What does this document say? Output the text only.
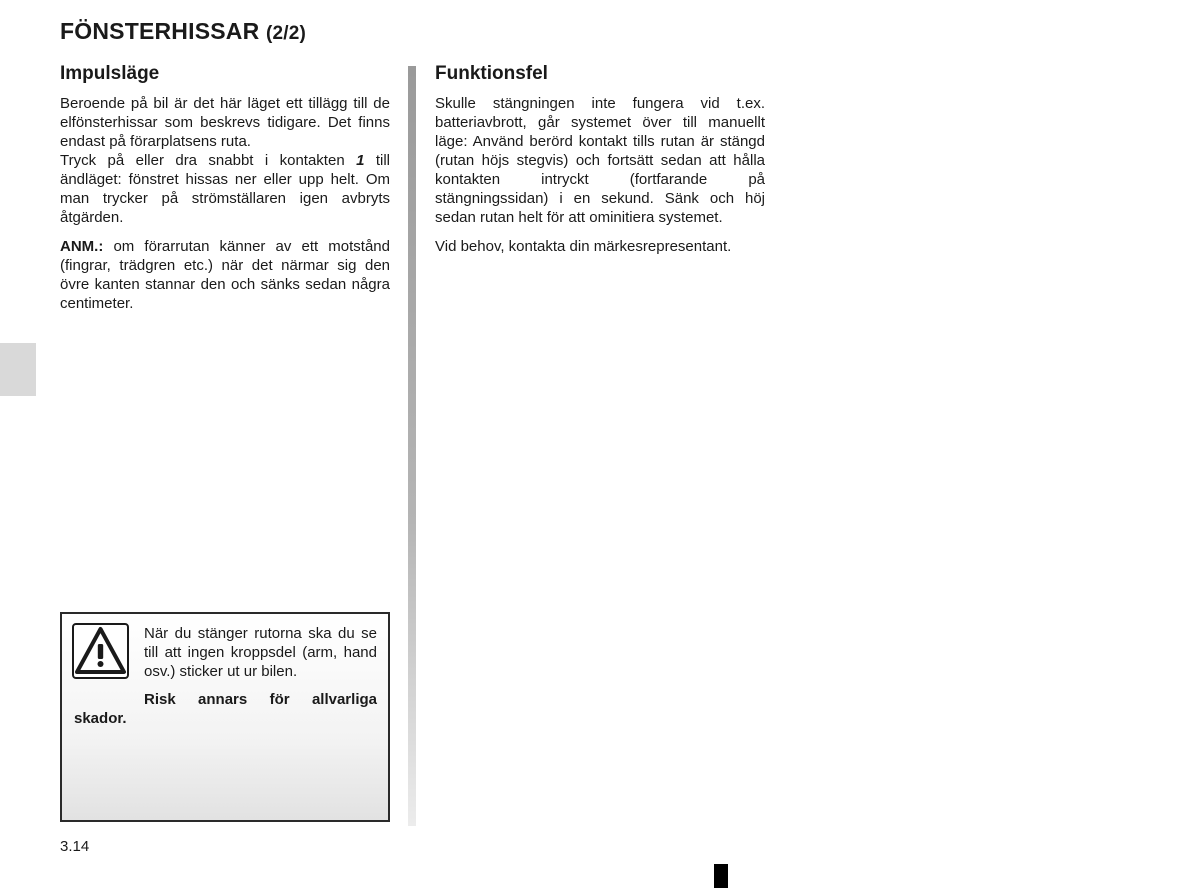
FÖNSTERHISSAR (2/2)
Impulsläge

Beroende på bil är det här läget ett tillägg till de elfönsterhissar som beskrevs tidigare. Det finns endast på förarplatsens ruta.

Tryck på eller dra snabbt i kontakten 1 till ändläget: fönstret hissas ner eller upp helt. Om man trycker på strömställaren igen avbryts åtgärden.

ANM.: om förarrutan känner av ett motstånd (fingrar, trädgren etc.) när det närmar sig den övre kanten stannar den och sänks sedan några centimeter.

Funktionsfel

Skulle stängningen inte fungera vid t.ex. batteriavbrott, går systemet över till manuellt läge: Använd berörd kontakt tills rutan är stängd (rutan höjs stegvis) och fortsätt sedan att hålla kontakten intryckt (fortfarande på stängningssidan) i en sekund. Sänk och höj sedan rutan helt för att ominitiera systemet.

Vid behov, kontakta din märkesrepresentant.

När du stänger rutorna ska du se till att ingen kroppsdel (arm, hand osv.) sticker ut ur bilen.
Risk annars för allvarliga
skador.
3.14
